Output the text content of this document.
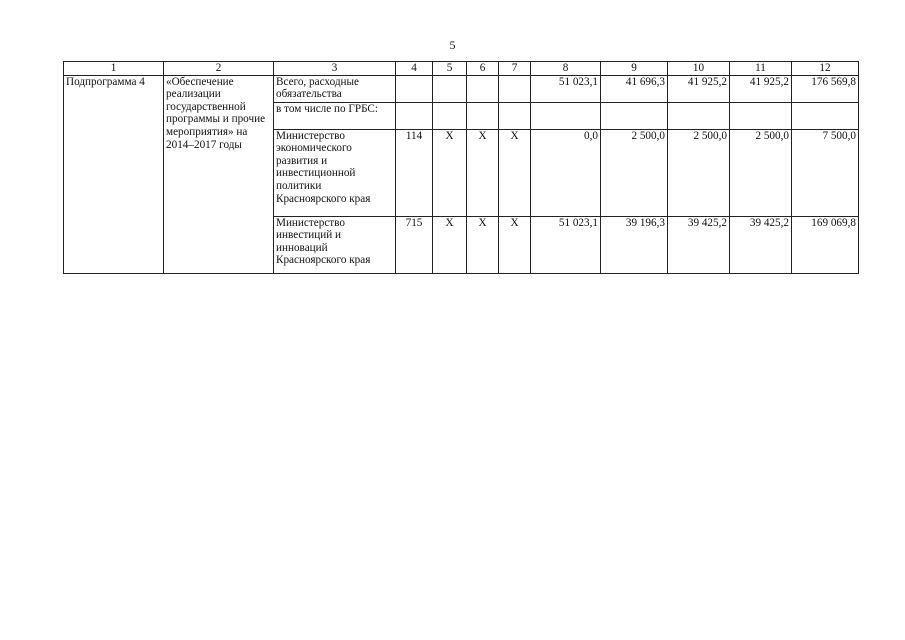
5
1	2	3	4	5	6	7	8	9	10	11	12
Подпрограмма 4	«Обеспечение реализации государственной программы и прочие мероприятия» на 2014–2017 годы	Всего, расходные обязательства					51 023,1	41 696,3	41 925,2	41 925,2	176 569,8
		в том числе по ГРБС:									
		Министерство экономического развития и инвестиционной политики Красноярского края	114	Х	Х	Х	0,0	2 500,0	2 500,0	2 500,0	7 500,0
		Министерство инвестиций и инноваций Красноярского края	715	Х	Х	Х	51 023,1	39 196,3	39 425,2	39 425,2	169 069,8
